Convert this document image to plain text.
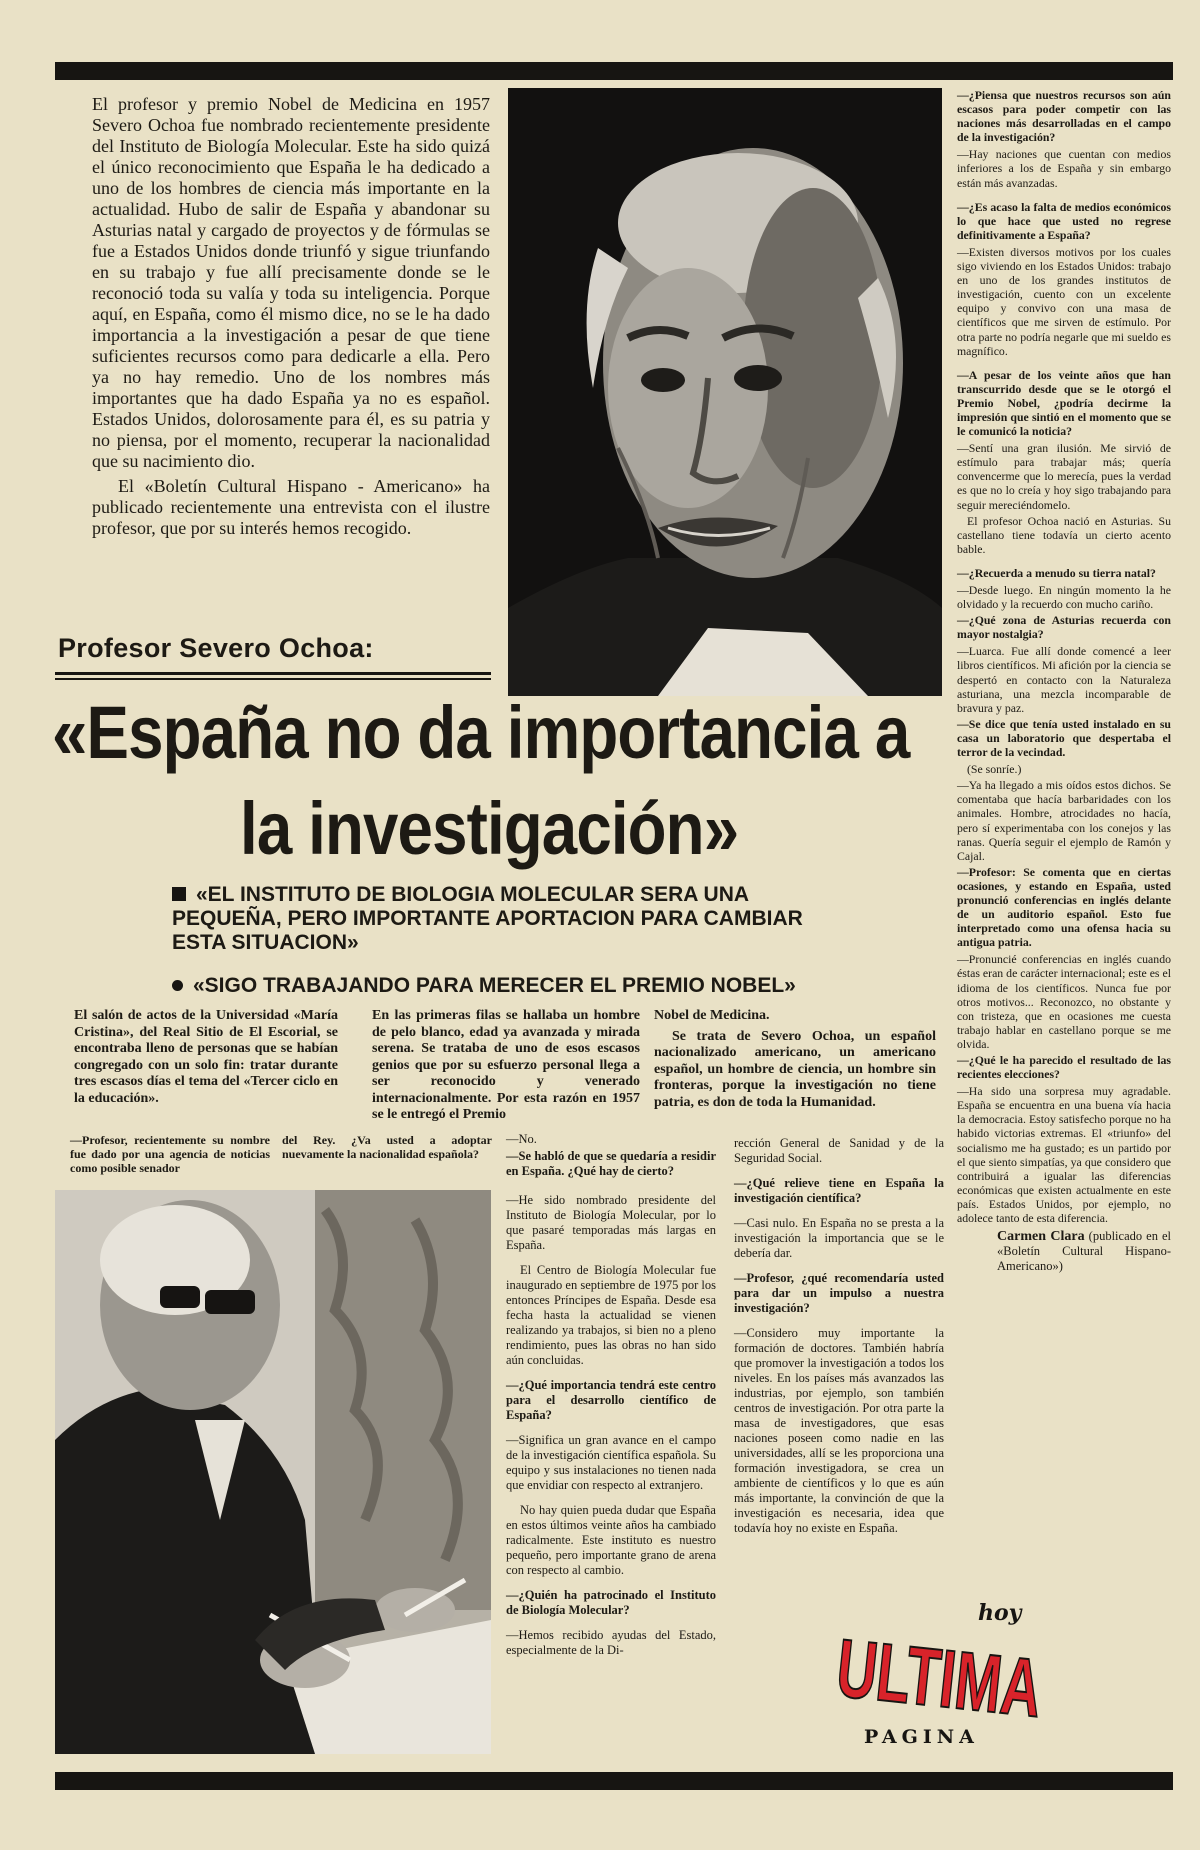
El profesor y premio Nobel de Medicina en 1957 Severo Ochoa fue nombrado recientemente presidente del Instituto de Biología Molecular. Este ha sido quizá el único reconocimiento que España le ha dedicado a uno de los hombres de ciencia más importante en la actualidad. Hubo de salir de España y abandonar su Asturias natal y cargado de proyectos y de fórmulas se fue a Estados Unidos donde triunfó y sigue triunfando en su trabajo y fue allí precisamente donde se le reconoció toda su valía y toda su inteligencia. Porque aquí, en España, como él mismo dice, no se le ha dado importancia a la investigación a pesar de que tiene suficientes recursos como para dedicarle a ella. Pero ya no hay remedio. Uno de los nombres más importantes que ha dado España ya no es español. Estados Unidos, dolorosamente para él, es su patria y no piensa, por el momento, recuperar la nacionalidad que su nacimiento dio.

El «Boletín Cultural Hispano - Americano» ha publicado recientemente una entrevista con el ilustre profesor, que por su interés hemos recogido.

Profesor Severo Ochoa:
«España no da importancia a
la investigación»
«EL INSTITUTO DE BIOLOGIA MOLECULAR SERA UNA PEQUEÑA, PERO IMPORTANTE APORTACION PARA CAMBIAR ESTA SITUACION»
«SIGO TRABAJANDO PARA MERECER EL PREMIO NOBEL»
El salón de actos de la Universidad «María Cristina», del Real Sitio de El Escorial, se encontraba lleno de personas que se habían congregado con un solo fin: tratar durante tres escasos días el tema del «Tercer ciclo en la educación».
En las primeras filas se hallaba un hombre de pelo blanco, edad ya avanzada y mirada serena. Se trataba de uno de esos escasos genios que por su esfuerzo personal llega a ser reconocido y venerado internacionalmente. Por esta razón en 1957 se le entregó el Premio
Nobel de Medicina.
Se trata de Severo Ochoa, un español nacionalizado americano, un americano español, un hombre de ciencia, un hombre sin fronteras, porque la investigación no tiene patria, es don de toda la Humanidad.
—Profesor, recientemente su nombre fue dado por una agencia de noticias como posible senador
del Rey. ¿Va usted a adoptar nuevamente la nacionalidad española?

—No.

—Se habló de que se quedaría a residir en España. ¿Qué hay de cierto?

—He sido nombrado presidente del Instituto de Biología Molecular, por lo que pasaré temporadas más largas en España.

El Centro de Biología Molecular fue inaugurado en septiembre de 1975 por los entonces Príncipes de España. Desde esa fecha hasta la actualidad se vienen realizando ya trabajos, si bien no a pleno rendimiento, pues las obras no han sido aún concluidas.

—¿Qué importancia tendrá este centro para el desarrollo científico de España?

—Significa un gran avance en el campo de la investigación científica española. Su equipo y sus instalaciones no tienen nada que envidiar con respecto al extranjero.

No hay quien pueda dudar que España en estos últimos veinte años ha cambiado radicalmente. Este instituto es nuestro pequeño, pero importante grano de arena con respecto al cambio.

—¿Quién ha patrocinado el Instituto de Biología Molecular?

—Hemos recibido ayudas del Estado, especialmente de la Di-

rección General de Sanidad y de la Seguridad Social.

—¿Qué relieve tiene en España la investigación científica?

—Casi nulo. En España no se presta a la investigación la importancia que se le debería dar.

—Profesor, ¿qué recomendaría usted para dar un impulso a nuestra investigación?

—Considero muy importante la formación de doctores. También habría que promover la investigación a todos los niveles. En los países más avanzados las industrias, por ejemplo, son también centros de investigación. Por otra parte la masa de investigadores, que esas naciones poseen como nadie en las universidades, allí se les proporciona una formación investigadora, se crea un ambiente de científicos y lo que es aún más importante, la convinción de que la investigación es necesaria, idea que todavía hoy no existe en España.

—¿Piensa que nuestros recursos son aún escasos para poder competir con las naciones más desarrolladas en el campo de la investigación?

—Hay naciones que cuentan con medios inferiores a los de España y sin embargo están más avanzadas.

—¿Es acaso la falta de medios económicos lo que hace que usted no regrese definitivamente a España?

—Existen diversos motivos por los cuales sigo viviendo en los Estados Unidos: trabajo en uno de los grandes institutos de investigación, cuento con un excelente equipo y convivo con una masa de científicos que me sirven de estímulo. Por otra parte no podría negarle que mi sueldo es magnífico.

—A pesar de los veinte años que han transcurrido desde que se le otorgó el Premio Nobel, ¿podría decirme la impresión que sintió en el momento que se le comunicó la noticia?

—Sentí una gran ilusión. Me sirvió de estímulo para trabajar más; quería convencerme que lo merecía, pues la verdad es que no lo creía y hoy sigo trabajando para seguir mereciéndomelo.

El profesor Ochoa nació en Asturias. Su castellano tiene todavía un cierto acento bable.

—¿Recuerda a menudo su tierra natal?

—Desde luego. En ningún momento la he olvidado y la recuerdo con mucho cariño.

—¿Qué zona de Asturias recuerda con mayor nostalgia?

—Luarca. Fue allí donde comencé a leer libros científicos. Mi afición por la ciencia se despertó en contacto con la Naturaleza asturiana, una mezcla incomparable de bravura y paz.

—Se dice que tenía usted instalado en su casa un laboratorio que despertaba el terror de la vecindad.

(Se sonríe.)

—Ya ha llegado a mis oídos estos dichos. Se comentaba que hacía barbaridades con los animales. Hombre, atrocidades no hacía, pero sí experimentaba con los conejos y las ranas. Quería seguir el ejemplo de Ramón y Cajal.

—Profesor: Se comenta que en ciertas ocasiones, y estando en España, usted pronunció conferencias en inglés delante de un auditorio español. Esto fue interpretado como una ofensa hacia su antigua patria.

—Pronuncié conferencias en inglés cuando éstas eran de carácter internacional; este es el idioma de los científicos. Nunca fue por otros motivos... Reconozco, no obstante y con tristeza, que en ocasiones me cuesta trabajo hablar en castellano porque se me olvida.

—¿Qué le ha parecido el resultado de las recientes elecciones?

—Ha sido una sorpresa muy agradable. España se encuentra en una buena vía hacia la democracia. Estoy satisfecho porque no ha habido victorias extremas. El «triunfo» del socialismo me ha gustado; es un partido por el que siento simpatías, ya que considero que contribuirá a igualar las diferencias económicas que existen actualmente en este país. Estados Unidos, por ejemplo, no adolece tanto de esta diferencia.

Carmen Clara (publicado en el «Boletín Cultural Hispano-Americano»)

hoy
ULTIMA
PAGINA
